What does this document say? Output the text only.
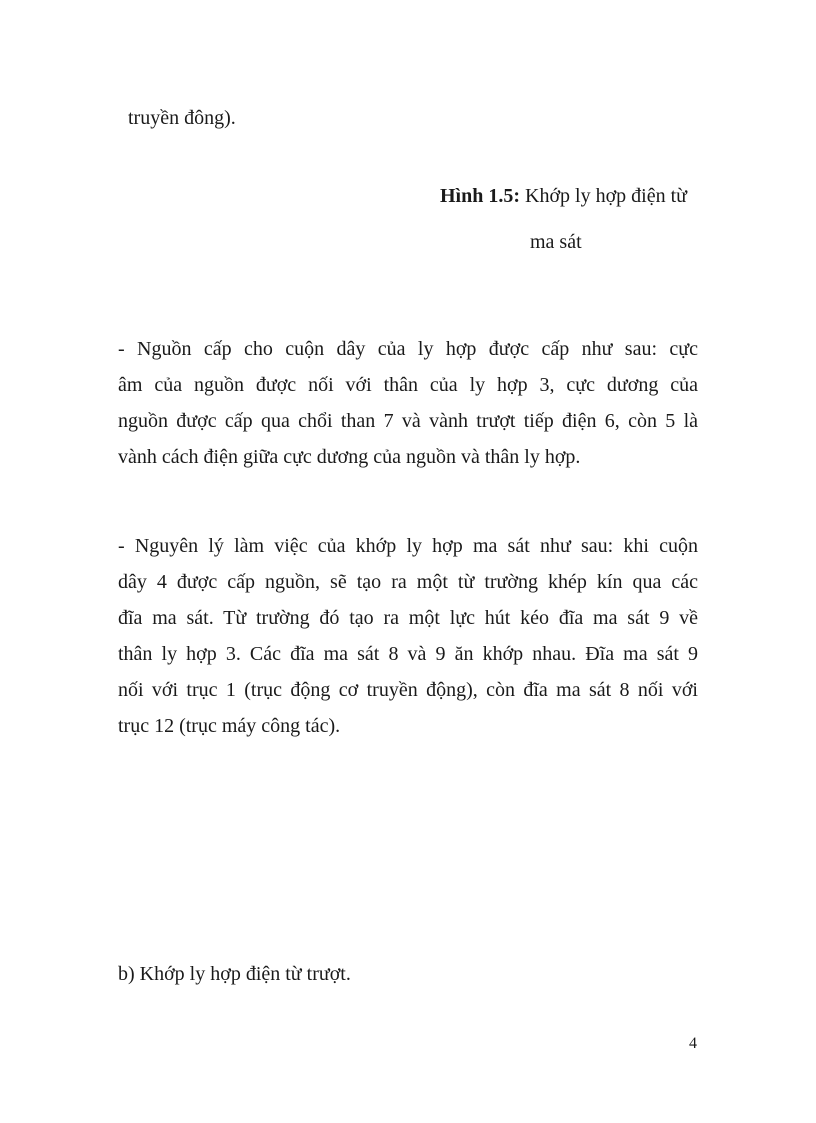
truyền đông).

Hình 1.5: Khớp ly hợp điện từ

ma sát

- Nguồn cấp cho cuộn dây của ly hợp được cấp như sau: cực
âm của nguồn được nối với thân của ly hợp 3, cực dương của
nguồn được cấp qua chổi than 7 và vành trượt tiếp điện 6, còn 5 là
vành cách điện giữa cực dương của nguồn và thân ly hợp.
- Nguyên lý làm việc của khớp ly hợp ma sát như sau: khi cuộn
dây 4 được cấp nguồn, sẽ tạo ra một từ trường khép kín qua các
đĩa ma sát. Từ trường đó tạo ra một lực hút kéo đĩa ma sát 9 về
thân ly hợp 3. Các đĩa ma sát 8 và 9 ăn khớp nhau. Đĩa ma sát 9
nối với trục 1 (trục động cơ truyền động), còn đĩa ma sát 8 nối với
trục 12 (trục máy công tác).

b) Khớp ly hợp điện từ trượt.

4
